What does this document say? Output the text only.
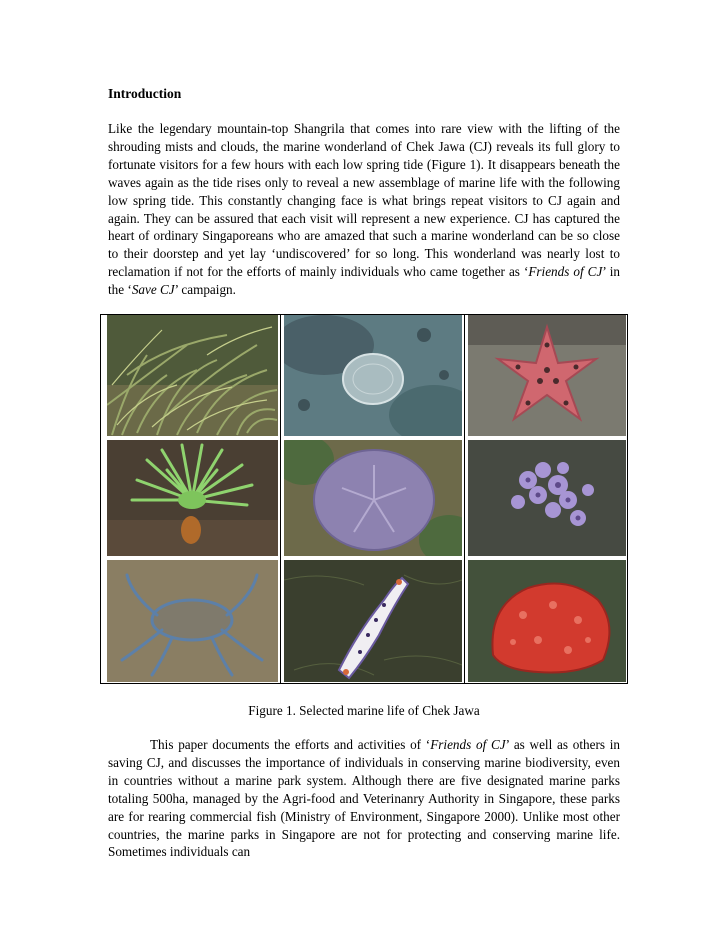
Introduction
Like the legendary mountain-top Shangrila that comes into rare view with the lifting of the shrouding mists and clouds, the marine wonderland of Chek Jawa (CJ) reveals its full glory to fortunate visitors for a few hours with each low spring tide (Figure 1). It disappears beneath the waves again as the tide rises only to reveal a new assemblage of marine life with the following low spring tide. This constantly changing face is what brings repeat visitors to CJ again and again. They can be assured that each visit will represent a new experience. CJ has captured the heart of ordinary Singaporeans who are amazed that such a marine wonderland can be so close to their doorstep and yet lay ‘undiscovered’ for so long. This wonderland was nearly lost to reclamation if not for the efforts of mainly individuals who came together as ‘Friends of CJ’ in the ‘Save CJ’ campaign.
Figure 1. Selected marine life of Chek Jawa
This paper documents the efforts and activities of ‘Friends of CJ’ as well as others in saving CJ, and discusses the importance of individuals in conserving marine biodiversity, even in countries without a marine park system. Although there are five designated marine parks totaling 500ha, managed by the Agri-food and Veterinanry Authority in Singapore, these parks are for rearing commercial fish (Ministry of Environment, Singapore 2000). Unlike most other countries, the marine parks in Singapore are not for protecting and conserving marine life. Sometimes individuals can
